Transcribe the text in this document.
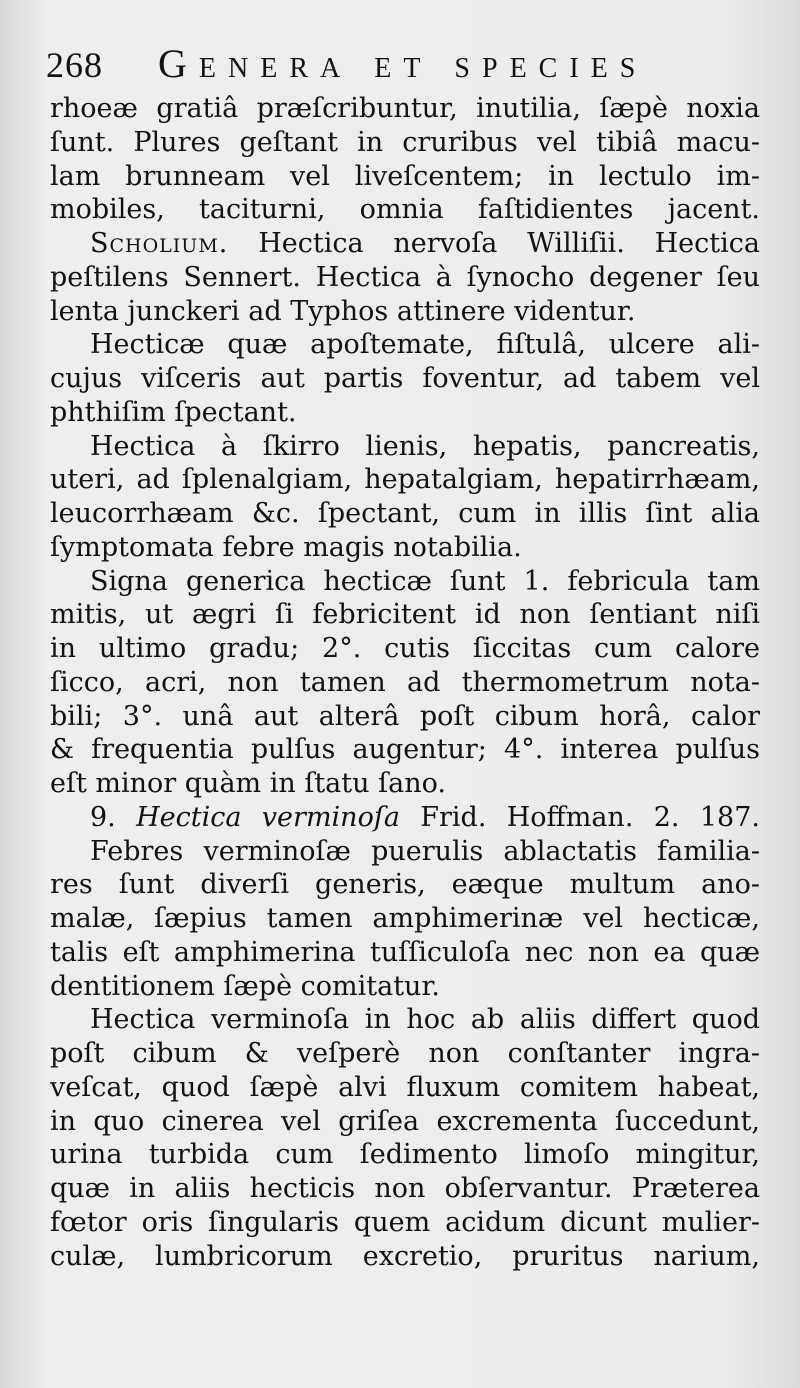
268 Genera et species
rhoeæ gratiâ præſcribuntur, inutilia, ſæpè noxia
ſunt. Plures geſtant in cruribus vel tibiâ macu-
lam brunneam vel liveſcentem; in lectulo im-
mobiles, taciturni, omnia faſtidientes jacent.
Scholium. Hectica nervoſa Williſii. Hectica
peſtilens Sennert. Hectica à ſynocho degener ſeu
lenta junckeri ad Typhos attinere videntur.
Hecticæ quæ apoſtemate, fiſtulâ, ulcere ali-
cujus viſceris aut partis foventur, ad tabem vel
phthiſim ſpectant.
Hectica à ſkirro lienis, hepatis, pancreatis,
uteri, ad ſplenalgiam, hepatalgiam, hepatirrhæam,
leucorrhæam &c. ſpectant, cum in illis ſint alia
ſymptomata febre magis notabilia.
Signa generica hecticæ ſunt 1. febricula tam
mitis, ut ægri ſi febricitent id non ſentiant niſi
in ultimo gradu; 2°. cutis ſiccitas cum calore
ſicco, acri, non tamen ad thermometrum nota-
bili; 3°. unâ aut alterâ poſt cibum horâ, calor
& frequentia pulſus augentur; 4°. interea pulſus
eſt minor quàm in ſtatu ſano.
9. Hectica verminoſa Frid. Hoffman. 2. 187.
Febres verminoſæ puerulis ablactatis familia-
res ſunt diverſi generis, eæque multum ano-
malæ, ſæpius tamen amphimerinæ vel hecticæ,
talis eſt amphimerina tuſſiculoſa nec non ea quæ
dentitionem ſæpè comitatur.
Hectica verminoſa in hoc ab aliis differt quod
poſt cibum & veſperè non conſtanter ingra-
veſcat, quod ſæpè alvi fluxum comitem habeat,
in quo cinerea vel griſea excrementa ſuccedunt,
urina turbida cum ſedimento limoſo mingitur,
quæ in aliis hecticis non obſervantur. Præterea
fœtor oris ſingularis quem acidum dicunt mulier-
culæ, lumbricorum excretio, pruritus narium,
